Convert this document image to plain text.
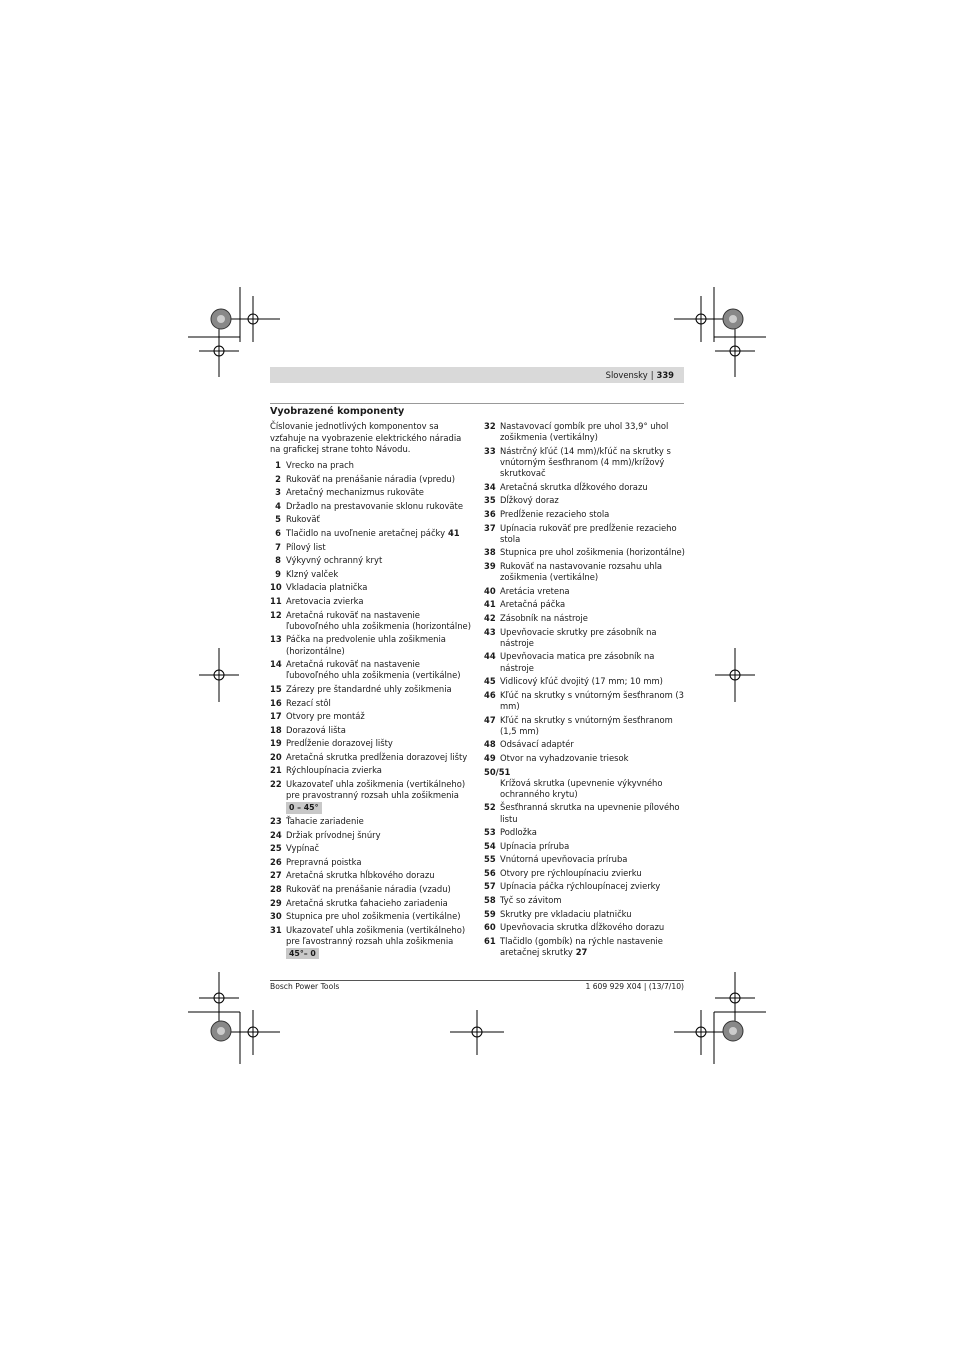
Slovensky | 339
Vyobrazené komponenty
Číslovanie jednotlivých komponentov sa vzťahuje na vyobrazenie elektrického náradia na grafickej strane tohto Návodu.
1 Vrecko na prach
2 Rukoväť na prenášanie náradia (vpredu)
3 Aretačný mechanizmus rukoväte
4 Držadlo na prestavovanie sklonu rukoväte
5 Rukoväť
6 Tlačidlo na uvoľnenie aretačnej páčky 41
7 Pílový list
8 Výkyvný ochranný kryt
9 Klzný valček
10 Vkladacia platnička
11 Aretovacia zvierka
12 Aretačná rukoväť na nastavenie ľubovoľného uhla zošikmenia (horizontálne)
13 Páčka na predvolenie uhla zošikmenia (horizontálne)
14 Aretačná rukoväť na nastavenie ľubovoľného uhla zošikmenia (vertikálne)
15 Zárezy pre štandardné uhly zošikmenia
16 Rezací stôl
17 Otvory pre montáž
18 Dorazová lišta
19 Predĺženie dorazovej lišty
20 Aretačná skrutka predĺženia dorazovej lišty
21 Rýchloupínacia zvierka
22 Ukazovateľ uhla zošikmenia (vertikálneho) pre pravostranný rozsah uhla zošikmenia
0 – 45°
23 Ťahacie zariadenie
24 Držiak prívodnej šnúry
25 Vypínač
26 Prepravná poistka
27 Aretačná skrutka hĺbkového dorazu
28 Rukoväť na prenášanie náradia (vzadu)
29 Aretačná skrutka ťahacieho zariadenia
30 Stupnica pre uhol zošikmenia (vertikálne)
31 Ukazovateľ uhla zošikmenia (vertikálneho) pre ľavostranný rozsah uhla zošikmenia
45°– 0
32 Nastavovací gombík pre uhol 33,9° uhol zošikmenia (vertikálny)
33 Nástrčný kľúč (14 mm)/kľúč na skrutky s vnútorným šesťhranom (4 mm)/krížový skrutkovač
34 Aretačná skrutka dĺžkového dorazu
35 Dĺžkový doraz
36 Predĺženie rezacieho stola
37 Upínacia rukoväť pre predĺženie rezacieho stola
38 Stupnica pre uhol zošikmenia (horizontálne)
39 Rukoväť na nastavovanie rozsahu uhla zošikmenia (vertikálne)
40 Aretácia vretena
41 Aretačná páčka
42 Zásobník na nástroje
43 Upevňovacie skrutky pre zásobník na nástroje
44 Upevňovacia matica pre zásobník na nástroje
45 Vidlicový kľúč dvojitý (17 mm; 10 mm)
46 Kľúč na skrutky s vnútorným šesťhranom (3 mm)
47 Kľúč na skrutky s vnútorným šesťhranom (1,5 mm)
48 Odsávací adaptér
49 Otvor na vyhadzovanie triesok
50/51
Krížová skrutka (upevnenie výkyvného ochranného krytu)
52 Šesťhranná skrutka na upevnenie pílového listu
53 Podložka
54 Upínacia príruba
55 Vnútorná upevňovacia príruba
56 Otvory pre rýchloupínaciu zvierku
57 Upínacia páčka rýchloupínacej zvierky
58 Tyč so závitom
59 Skrutky pre vkladaciu platničku
60 Upevňovacia skrutka dĺžkového dorazu
61 Tlačidlo (gombík) na rýchle nastavenie aretačnej skrutky 27
Bosch Power Tools	1 609 929 X04 | (13/7/10)
